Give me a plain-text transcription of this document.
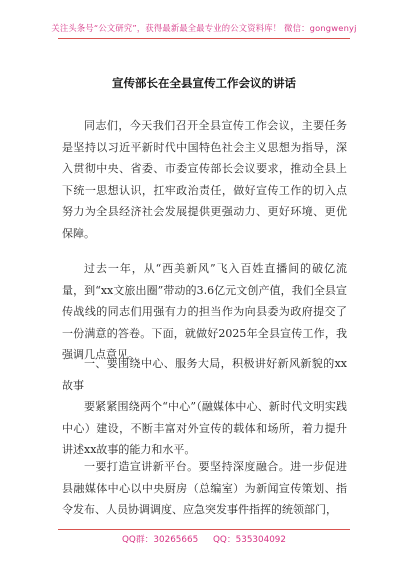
关注头条号“公文研究”，获得最新最全最专业的公文资料库！ 微信：gongwenyj
宣传部长在全县宣传工作会议的讲话
同志们，今天我们召开全县宣传工作会议，主要任务是坚持以习近平新时代中国特色社会主义思想为指导，深入贯彻中央、省委、市委宣传部长会议要求，推动全县上下统一思想认识，扛牢政治责任，做好宣传工作的切入点努力为全县经济社会发展提供更强动力、更好环境、更优保障。
过去一年，从“西美新风”飞入百姓直播间的破亿流量，到“xx文旅出圈”带动的3.6亿元文创产值，我们全县宣传战线的同志们用强有力的担当作为向县委为政府提交了一份满意的答卷。下面，就做好2025年全县宣传工作，我强调几点意见。
一、要围绕中心、服务大局，积极讲好新风新貌的xx故事
要紧紧围绕两个“中心”（融媒体中心、新时代文明实践中心）建设，不断丰富对外宣传的载体和场所，着力提升讲述xx故事的能力和水平。
一要打造宣讲新平台。要坚持深度融合。进一步促进县融媒体中心以中央厨房（总编室）为新闻宣传策划、指令发布、人员协调调度、应急突发事件指挥的统领部门，
QQ群：30265665 QQ：535304092
